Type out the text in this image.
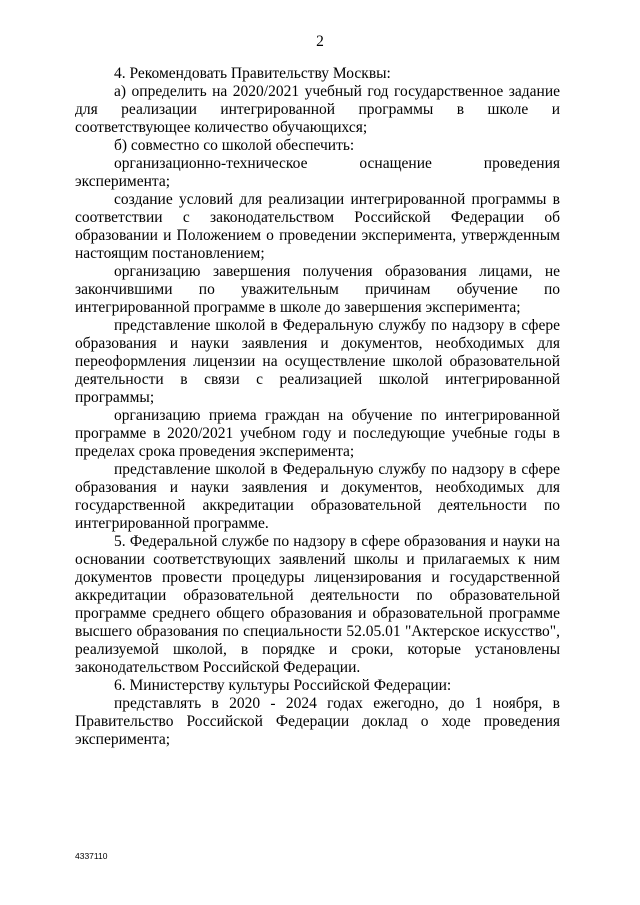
2

4. Рекомендовать Правительству Москвы:

а) определить на 2020/2021 учебный год государственное задание для реализации интегрированной программы в школе и соответствующее количество обучающихся;

б) совместно со школой обеспечить:

организационно-техническое оснащение проведения эксперимента;

создание условий для реализации интегрированной программы в соответствии с законодательством Российской Федерации об образовании и Положением о проведении эксперимента, утвержденным настоящим постановлением;

организацию завершения получения образования лицами, не закончившими по уважительным причинам обучение по интегрированной программе в школе до завершения эксперимента;

представление школой в Федеральную службу по надзору в сфере образования и науки заявления и документов, необходимых для переоформления лицензии на осуществление школой образовательной деятельности в связи с реализацией школой интегрированной программы;

организацию приема граждан на обучение по интегрированной программе в 2020/2021 учебном году и последующие учебные годы в пределах срока проведения эксперимента;

представление школой в Федеральную службу по надзору в сфере образования и науки заявления и документов, необходимых для государственной аккредитации образовательной деятельности по интегрированной программе.

5. Федеральной службе по надзору в сфере образования и науки на основании соответствующих заявлений школы и прилагаемых к ним документов провести процедуры лицензирования и государственной аккредитации образовательной деятельности по образовательной программе среднего общего образования и образовательной программе высшего образования по специальности 52.05.01 "Актерское искусство", реализуемой школой, в порядке и сроки, которые установлены законодательством Российской Федерации.

6. Министерству культуры Российской Федерации:

представлять в 2020 - 2024 годах ежегодно, до 1 ноября, в Правительство Российской Федерации доклад о ходе проведения эксперимента;

4337110
